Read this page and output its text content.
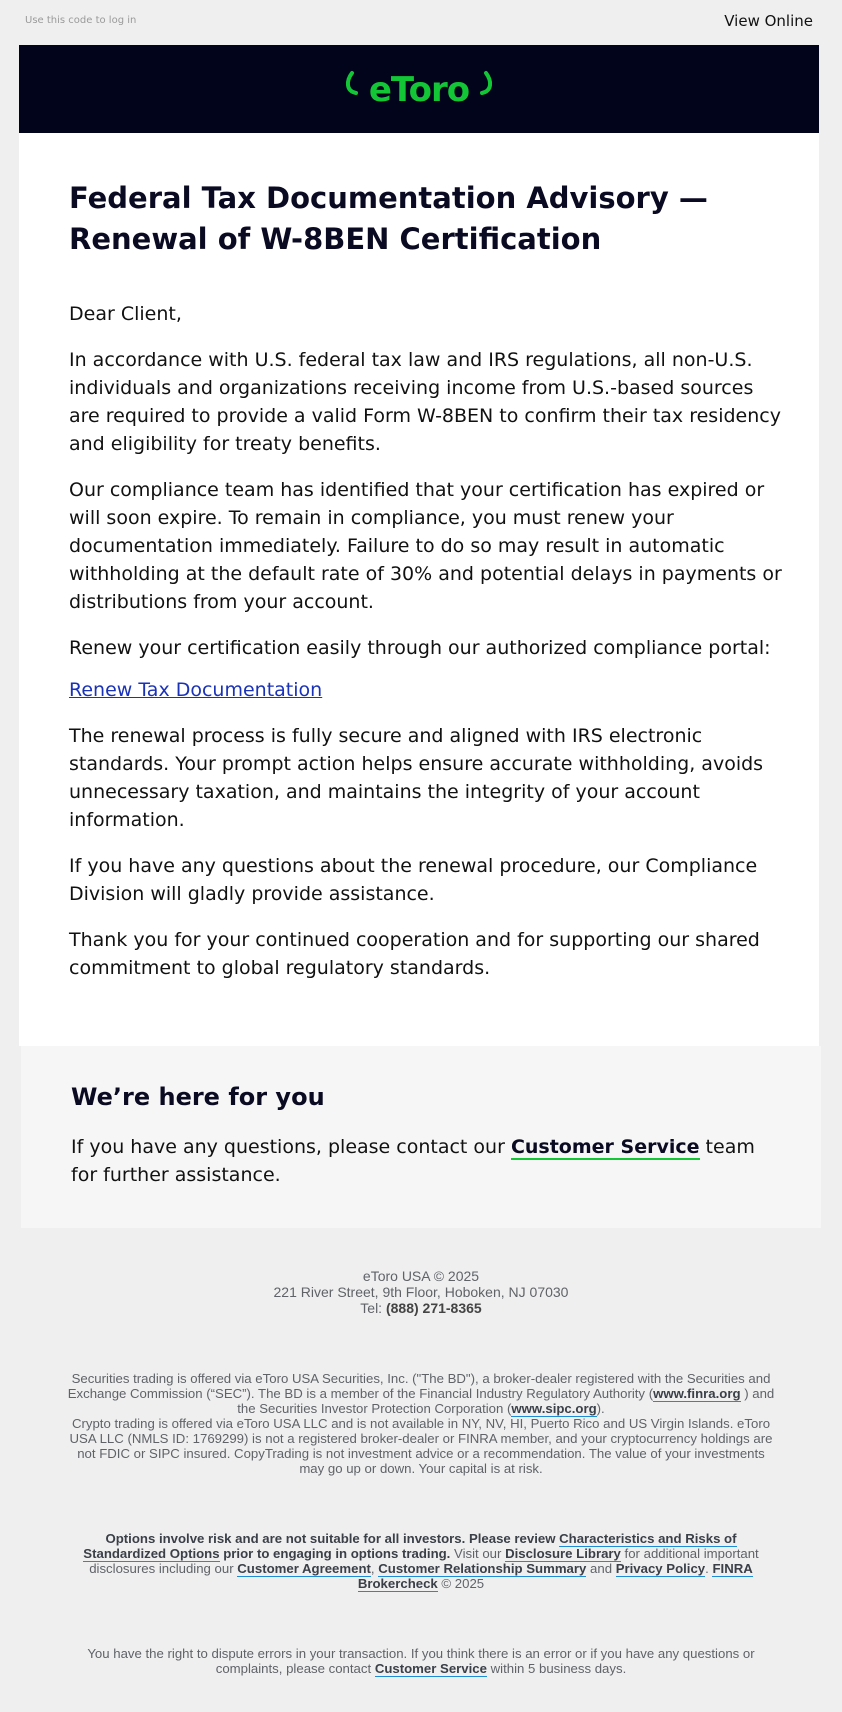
Use this code to log in	View Online
eToro
Federal Tax Documentation Advisory — Renewal of W-8BEN Certification

Dear Client,

In accordance with U.S. federal tax law and IRS regulations, all non-U.S. individuals and organizations receiving income from U.S.-based sources are required to provide a valid Form W-8BEN to confirm their tax residency and eligibility for treaty benefits.

Our compliance team has identified that your certification has expired or will soon expire. To remain in compliance, you must renew your documentation immediately. Failure to do so may result in automatic withholding at the default rate of 30% and potential delays in payments or distributions from your account.

Renew your certification easily through our authorized compliance portal:

Renew Tax Documentation

The renewal process is fully secure and aligned with IRS electronic standards. Your prompt action helps ensure accurate withholding, avoids unnecessary taxation, and maintains the integrity of your account information.

If you have any questions about the renewal procedure, our Compliance Division will gladly provide assistance.

Thank you for your continued cooperation and for supporting our shared commitment to global regulatory standards.

We’re here for you

If you have any questions, please contact our Customer Service team for further assistance.

eToro USA © 2025
221 River Street, 9th Floor, Hoboken, NJ 07030
Tel: (888) 271-8365
Securities trading is offered via eToro USA Securities, Inc. ("The BD"), a broker-dealer registered with the Securities and Exchange Commission (“SEC”). The BD is a member of the Financial Industry Regulatory Authority (www.finra.org ) and the Securities Investor Protection Corporation (www.sipc.org).
Crypto trading is offered via eToro USA LLC and is not available in NY, NV, HI, Puerto Rico and US Virgin Islands. eToro USA LLC (NMLS ID: 1769299) is not a registered broker-dealer or FINRA member, and your cryptocurrency holdings are not FDIC or SIPC insured. CopyTrading is not investment advice or a recommendation. The value of your investments may go up or down. Your capital is at risk.
Options involve risk and are not suitable for all investors. Please review Characteristics and Risks of Standardized Options prior to engaging in options trading. Visit our Disclosure Library for additional important disclosures including our Customer Agreement, Customer Relationship Summary and Privacy Policy. FINRA Brokercheck © 2025
You have the right to dispute errors in your transaction. If you think there is an error or if you have any questions or complaints, please contact Customer Service within 5 business days.
